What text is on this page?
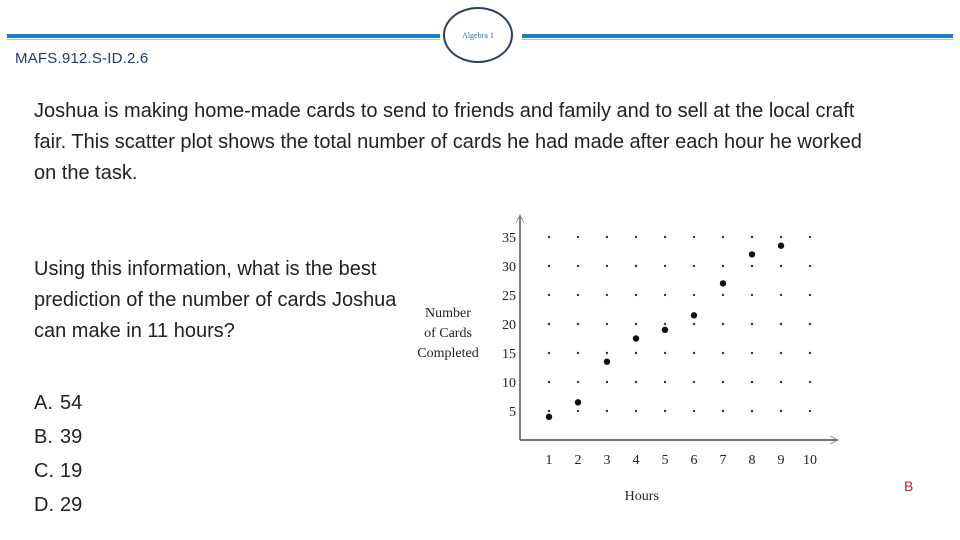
Algebra 1
MAFS.912.S-ID.2.6
Joshua is making home-made cards to send to friends and family and to sell at the local craft fair. This scatter plot shows the total number of cards he had made after each hour he worked on the task.
Using this information, what is the best prediction of the number of cards Joshua can make in 11 hours?
A. 54
B. 39
C. 19
D. 29
B
1 2 3 4 5 6 7 8 9 10
5
10
15
20
25
30
35
Hours
Number
of Cards
Completed
